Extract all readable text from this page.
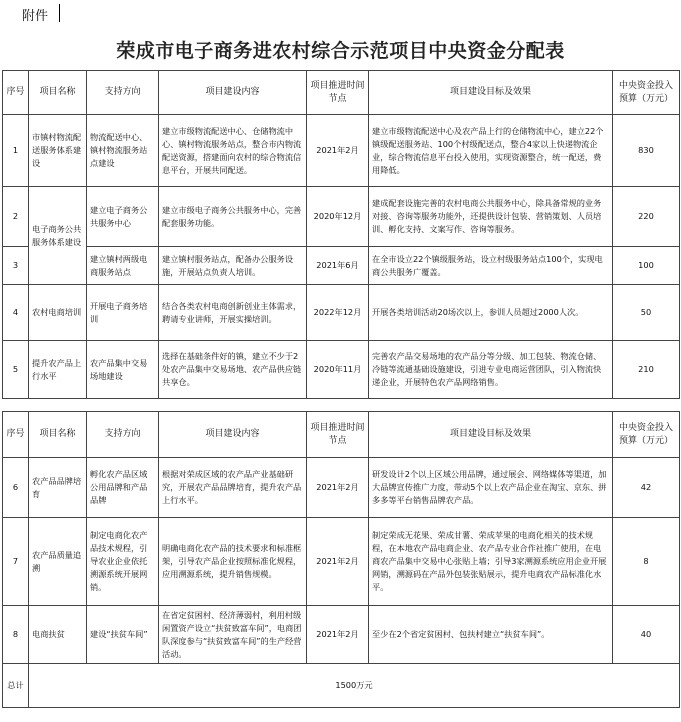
附件
荣成市电子商务进农村综合示范项目中央资金分配表
序号	项目名称	支持方向	项目建设内容	项目推进时间节点	项目建设目标及效果	中央资金投入预算（万元）
1	市镇村物流配送服务体系建设	物流配送中心、镇村物流服务站点建设	建立市级物流配送中心、仓储物流中心、镇村物流服务站点，整合市内物流配送资源，搭建面向农村的综合物流信息平台，开展共同配送。	2021年2月	建立市级物流配送中心及农产品上行的仓储物流中心，建立22个镇级配送服务站、100个村级配送点，整合4家以上快递物流企业，综合物流信息平台投入使用，实现资源整合，统一配送，费用降低。	830
2	电子商务公共服务体系建设	建立电子商务公共服务中心	建立市级电子商务公共服务中心，完善配套服务功能。	2020年12月	建成配套设施完善的农村电商公共服务中心，除具备常规的业务对接、咨询等服务功能外，还提供设计包装、营销策划、人员培训、孵化支持、文案写作、咨询等服务。	220
3		建立镇村两级电商服务站点	建立镇村服务站点，配备办公服务设施，开展站点负责人培训。	2021年6月	在全市设立22个镇级服务站，设立村级服务站点100个，实现电商公共服务广覆盖。	100
4	农村电商培训	开展电子商务培训	结合各类农村电商创新创业主体需求，聘请专业讲师，开展实操培训。	2022年12月	开展各类培训活动20场次以上，参训人员超过2000人次。	50
5	提升农产品上行水平	农产品集中交易场地建设	选择在基础条件好的镇，建立不少于2处农产品集中交易场地、农产品供应链共享仓。	2020年11月	完善农产品交易场地的农产品分等分级、加工包装、物流仓储、冷链等流通基础设施建设，引进专业电商运营团队，引入物流快递企业，开展特色农产品网络销售。	210
序号	项目名称	支持方向	项目建设内容	项目推进时间节点	项目建设目标及效果	中央资金投入预算（万元）
6	农产品品牌培育	孵化农产品区域公用品牌和产品品牌	根据对荣成区域的农产品产业基础研究，开展农产品品牌培育，提升农产品上行水平。	2021年2月	研发设计2个以上区域公用品牌，通过展会、网络媒体等渠道，加大品牌宣传推广力度，带动5个以上农产品企业在淘宝、京东、拼多多等平台销售品牌农产品。	42
7	农产品质量追溯	制定电商化农产品技术规程，引导农业企业依托溯源系统开展网销。	明确电商化农产品的技术要求和标准框架，引导农产品企业按照标准化规程，应用溯源系统，提升销售规模。	2021年2月	制定荣成无花果、荣成甘薯、荣成苹果的电商化相关的技术规程，在本地农产品电商企业、农产品专业合作社推广使用，在电商农产品集中交易中心张贴上墙；引导3家溯源系统应用企业开展网销，溯源码在产品外包装张贴展示，提升电商农产品标准化水平。	8
8	电商扶贫	建设“扶贫车间”	在省定贫困村、经济薄弱村，利用村级闲置资产设立“扶贫致富车间”，电商团队深度参与“扶贫致富车间”的生产经营活动。	2021年2月	至少在2个省定贫困村、包扶村建立“扶贫车间”。	40
总计	1500万元					
